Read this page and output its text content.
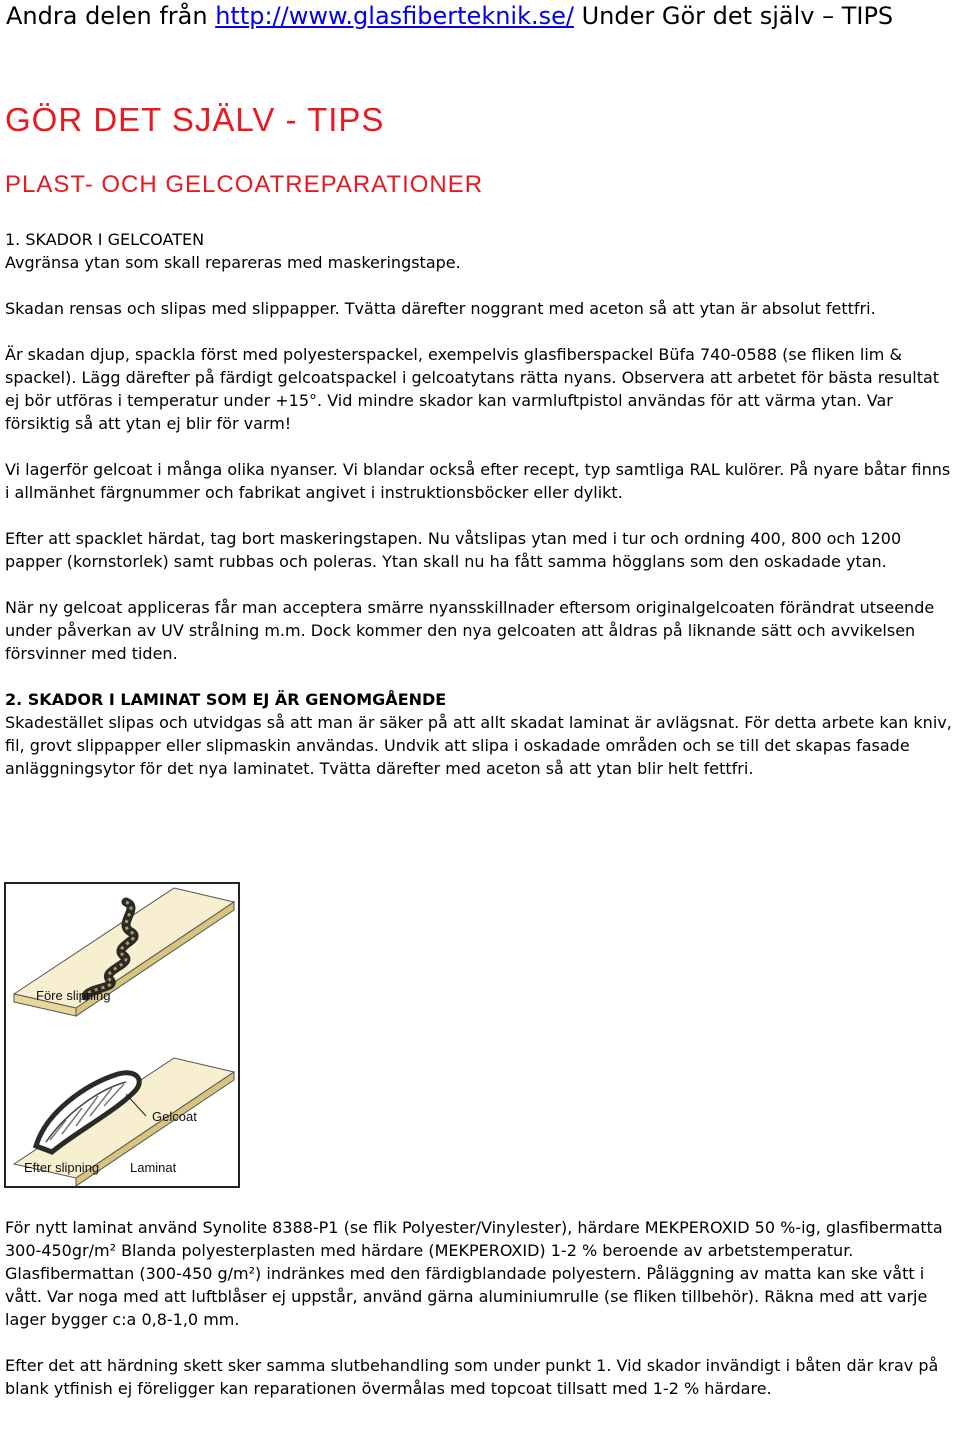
Andra delen från http://www.glasfiberteknik.se/ Under Gör det själv – TIPS
GÖR DET SJÄLV - TIPS
PLAST- OCH GELCOATREPARATIONER

1. SKADOR I GELCOATEN
Avgränsa ytan som skall repareras med maskeringstape.

Skadan rensas och slipas med slippapper. Tvätta därefter noggrant med aceton så att ytan är absolut fettfri.

Är skadan djup, spackla först med polyesterspackel, exempelvis glasfiberspackel Büfa 740-0588 (se fliken lim & spackel). Lägg därefter på färdigt gelcoatspackel i gelcoatytans rätta nyans. Observera att arbetet för bästa resultat ej bör utföras i temperatur under +15°. Vid mindre skador kan varmluftpistol användas för att värma ytan. Var försiktig så att ytan ej blir för varm!

Vi lagerför gelcoat i många olika nyanser. Vi blandar också efter recept, typ samtliga RAL kulörer. På nyare båtar finns i allmänhet färgnummer och fabrikat angivet i instruktionsböcker eller dylikt.

Efter att spacklet härdat, tag bort maskeringstapen. Nu våtslipas ytan med i tur och ordning 400, 800 och 1200 papper (kornstorlek) samt rubbas och poleras. Ytan skall nu ha fått samma högglans som den oskadade ytan.

När ny gelcoat appliceras får man acceptera smärre nyansskillnader eftersom originalgelcoaten förändrat utseende under påverkan av UV strålning m.m. Dock kommer den nya gelcoaten att åldras på liknande sätt och avvikelsen försvinner med tiden.

2. SKADOR I LAMINAT SOM EJ ÄR GENOMGÅENDE
Skadestället slipas och utvidgas så att man är säker på att allt skadat laminat är avlägsnat. För detta arbete kan kniv, fil, grovt slippapper eller slipmaskin användas. Undvik att slipa i oskadade områden och se till det skapas fasade anläggningsytor för det nya laminatet. Tvätta därefter med aceton så att ytan blir helt fettfri.

Före slipning
Gelcoat
Efter slipning Laminat

För nytt laminat använd Synolite 8388-P1 (se flik Polyester/Vinylester), härdare MEKPEROXID 50 %-ig, glasfibermatta 300-450gr/m² Blanda polyesterplasten med härdare (MEKPEROXID) 1-2 % beroende av arbetstemperatur. Glasfibermattan (300-450 g/m²) indränkes med den färdigblandade polyestern. Påläggning av matta kan ske vått i vått. Var noga med att luftblåser ej uppstår, använd gärna aluminiumrulle (se fliken tillbehör). Räkna med att varje lager bygger c:a 0,8-1,0 mm.

Efter det att härdning skett sker samma slutbehandling som under punkt 1. Vid skador invändigt i båten där krav på blank ytfinish ej föreligger kan reparationen övermålas med topcoat tillsatt med 1-2 % härdare.
